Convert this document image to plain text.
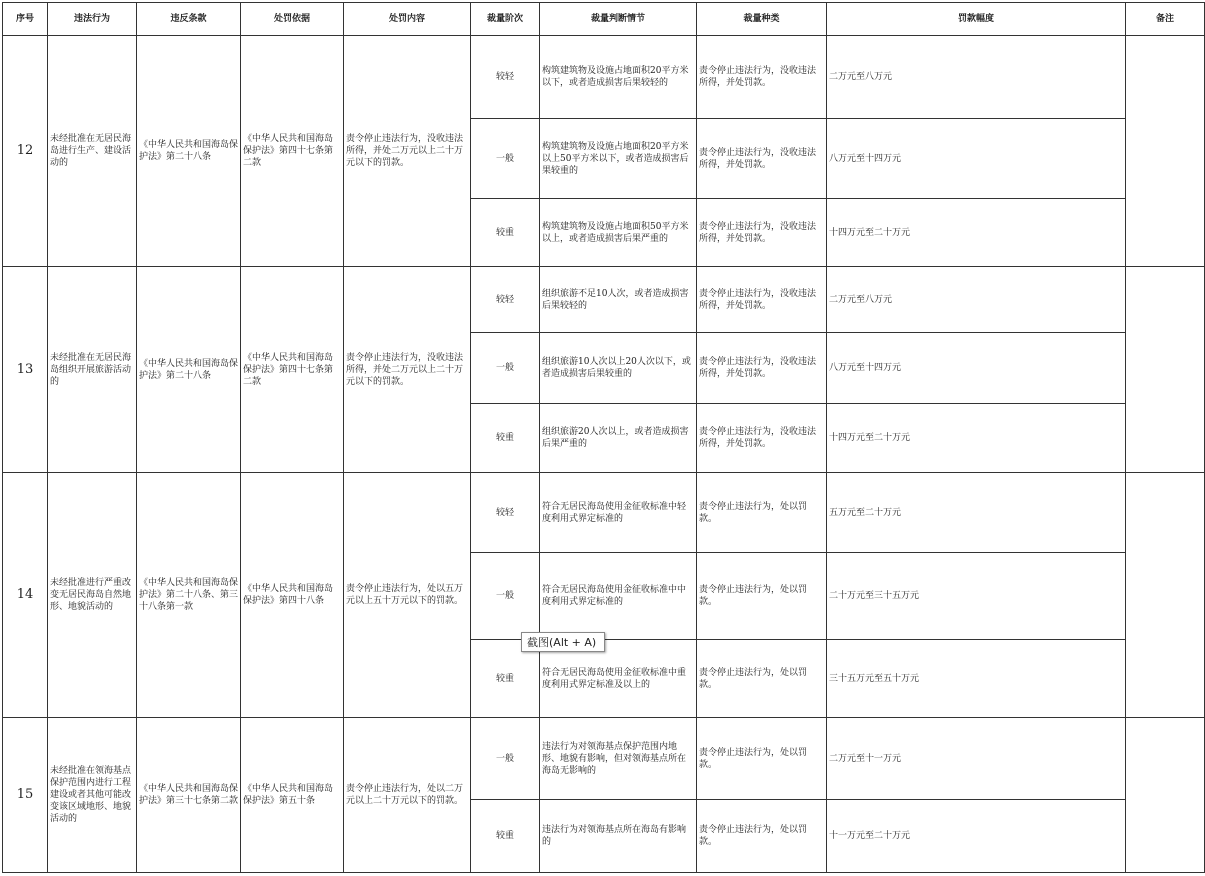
序号	违法行为	违反条款	处罚依据	处罚内容	裁量阶次	裁量判断情节	裁量种类	罚款幅度	备注
12	未经批准在无居民海岛进行生产、建设活动的	《中华人民共和国海岛保护法》第二十八条	《中华人民共和国海岛保护法》第四十七条第二款	责令停止违法行为，没收违法所得，并处二万元以上二十万元以下的罚款。	较轻	构筑建筑物及设施占地面积20平方米以下，或者造成损害后果较轻的	责令停止违法行为，没收违法所得，并处罚款。	二万元至八万元	
					一般	构筑建筑物及设施占地面积20平方米以上50平方米以下，或者造成损害后果较重的	责令停止违法行为，没收违法所得，并处罚款。	八万元至十四万元	
					较重	构筑建筑物及设施占地面积50平方米以上，或者造成损害后果严重的	责令停止违法行为，没收违法所得，并处罚款。	十四万元至二十万元	
13	未经批准在无居民海岛组织开展旅游活动的	《中华人民共和国海岛保护法》第二十八条	《中华人民共和国海岛保护法》第四十七条第二款	责令停止违法行为，没收违法所得，并处二万元以上二十万元以下的罚款。	较轻	组织旅游不足10人次，或者造成损害后果较轻的	责令停止违法行为，没收违法所得，并处罚款。	二万元至八万元	
					一般	组织旅游10人次以上20人次以下，或者造成损害后果较重的	责令停止违法行为，没收违法所得，并处罚款。	八万元至十四万元	
					较重	组织旅游20人次以上，或者造成损害后果严重的	责令停止违法行为，没收违法所得，并处罚款。	十四万元至二十万元	
14	未经批准进行严重改变无居民海岛自然地形、地貌活动的	《中华人民共和国海岛保护法》第二十八条、第三十八条第一款	《中华人民共和国海岛保护法》第四十八条	责令停止违法行为，处以五万元以上五十万元以下的罚款。	较轻	符合无居民海岛使用金征收标准中轻度利用式界定标准的	责令停止违法行为，处以罚款。	五万元至二十万元	
					一般	符合无居民海岛使用金征收标准中中度利用式界定标准的	责令停止违法行为，处以罚款。	二十万元至三十五万元	
					较重	符合无居民海岛使用金征收标准中重度利用式界定标准及以上的	责令停止违法行为，处以罚款。	三十五万元至五十万元	
15	未经批准在领海基点保护范围内进行工程建设或者其他可能改变该区域地形、地貌活动的	《中华人民共和国海岛保护法》第三十七条第二款	《中华人民共和国海岛保护法》第五十条	责令停止违法行为，处以二万元以上二十万元以下的罚款。	一般	违法行为对领海基点保护范围内地形、地貌有影响，但对领海基点所在海岛无影响的	责令停止违法行为，处以罚款。	二万元至十一万元	
					较重	违法行为对领海基点所在海岛有影响的	责令停止违法行为，处以罚款。	十一万元至二十万元	
截图(Alt + A)
